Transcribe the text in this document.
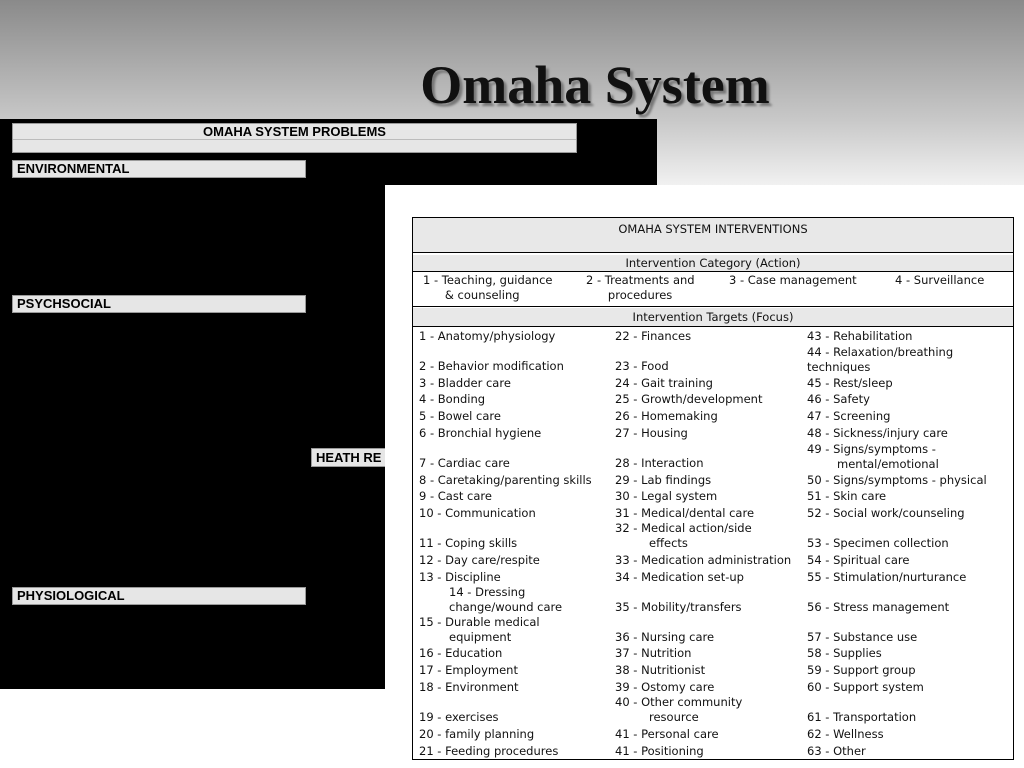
Omaha System
OMAHA SYSTEM PROBLEMS
ENVIRONMENTAL
PSYCHSOCIAL
PHYSIOLOGICAL
HEATH RE
OMAHA SYSTEM INTERVENTIONS
Intervention Category (Action)
1 - Teaching, guidance
& counseling
2 - Treatments and
procedures
3 - Case management	4 - Surveillance
Intervention Targets (Focus)
1 - Anatomy/physiology
2 - Behavior modification
3 - Bladder care
4 - Bonding
5 - Bowel care
6 - Bronchial hygiene
7 - Cardiac care
8 - Caretaking/parenting skills
9 - Cast care
10 - Communication
11 - Coping skills
12 - Day care/respite
13 - Discipline
14 - Dressing
change/wound care
15 - Durable medical
equipment
16 - Education
17 - Employment
18 - Environment
19 - exercises
20 - family planning
21 - Feeding procedures
22 - Finances
23 - Food
24 - Gait training
25 - Growth/development
26 - Homemaking
27 - Housing
28 - Interaction
29 - Lab findings
30 - Legal system
31 - Medical/dental care
32 - Medical action/side
effects
33 - Medication administration
34 - Medication set-up
35 - Mobility/transfers
36 - Nursing care
37 - Nutrition
38 - Nutritionist
39 - Ostomy care
40 - Other community
resource
41 - Personal care
41 - Positioning
43 - Rehabilitation
44 - Relaxation/breathing
techniques
45 - Rest/sleep
46 - Safety
47 - Screening
48 - Sickness/injury care
49 - Signs/symptoms -
mental/emotional
50 - Signs/symptoms - physical
51 - Skin care
52 - Social work/counseling
53 - Specimen collection
54 - Spiritual care
55 - Stimulation/nurturance
56 - Stress management
57 - Substance use
58 - Supplies
59 - Support group
60 - Support system
61 - Transportation
62 - Wellness
63 - Other
